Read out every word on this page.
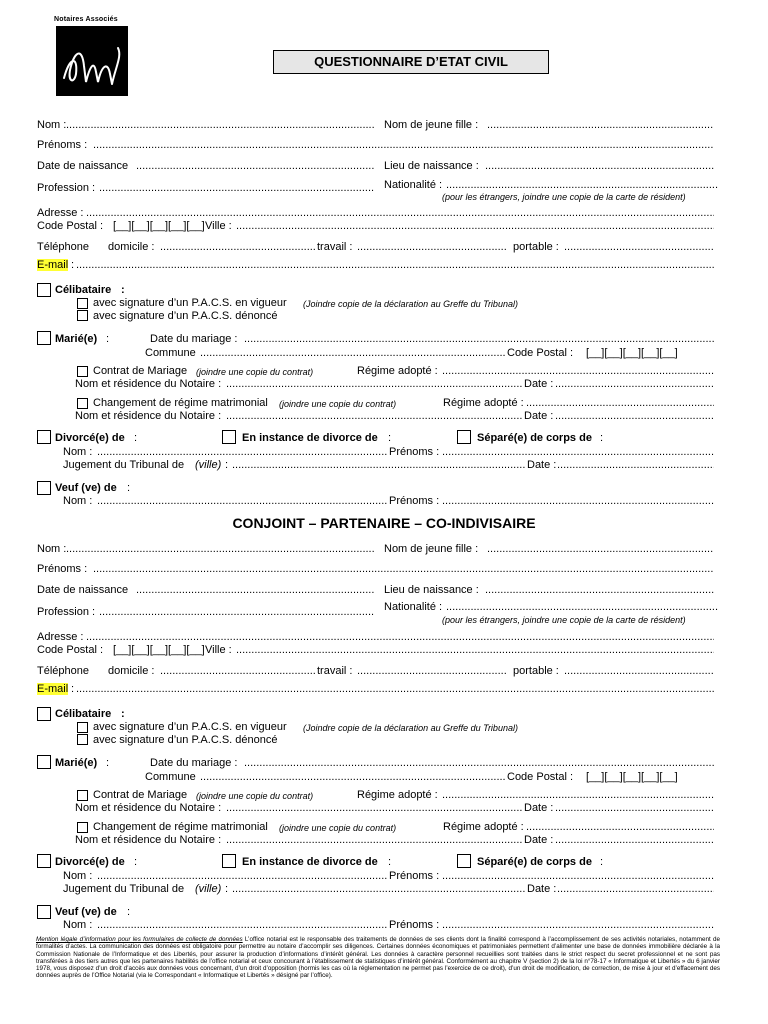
Notaires Associés
QUESTIONNAIRE D’ETAT CIVIL
Nom : .....	Nom de jeune fille :
.....
Prénoms :
.....
Date de naissance .....	Lieu de naissance :
.....
Profession : .....	Nationalité :
.....
(pour les étrangers, joindre une copie de la carte de résident)
Adresse :
.....
Code Postal : [__][__][__][__][__] Ville :
.....
Téléphone domicile : .....	travail : .....	portable :
.....
E-mail :
.....
Célibataire :
avec signature d’un P.A.C.S. en vigueur (Joindre copie de la déclaration au Greffe du Tribunal)
avec signature d’un P.A.C.S. dénoncé
Marié(e) :	Date du mariage :
.....
Commune .....	Code Postal : [__][__][__][__][__]
Contrat de Mariage (joindre une copie du contrat)	Régime adopté :
.....
Nom et résidence du Notaire : .....	Date :
.....
Changement de régime matrimonial (joindre une copie du contrat)	Régime adopté :
.....
Nom et résidence du Notaire : .....	Date :
.....
Divorcé(e) de :	En instance de divorce de :	Séparé(e) de corps de :
Nom : .....	Prénoms :
.....
Jugement du Tribunal de (ville) : .....	Date :
.....
Veuf (ve) de :
Nom : .....	Prénoms :
.....
CONJOINT – PARTENAIRE – CO-INDIVISAIRE
Nom : .....	Nom de jeune fille :
.....
Prénoms :
.....
Date de naissance .....	Lieu de naissance :
.....
Profession : .....	Nationalité :
.....
(pour les étrangers, joindre une copie de la carte de résident)
Adresse :
.....
Code Postal : [__][__][__][__][__] Ville :
.....
Téléphone domicile : .....	travail : .....	portable :
.....
E-mail :
.....
Célibataire :
avec signature d’un P.A.C.S. en vigueur (Joindre copie de la déclaration au Greffe du Tribunal)
avec signature d’un P.A.C.S. dénoncé
Marié(e) :	Date du mariage :
.....
Commune .....	Code Postal : [__][__][__][__][__]
Contrat de Mariage (joindre une copie du contrat)	Régime adopté :
.....
Nom et résidence du Notaire : .....	Date :
.....
Changement de régime matrimonial (joindre une copie du contrat)	Régime adopté :
.....
Nom et résidence du Notaire : .....	Date :
.....
Divorcé(e) de :	En instance de divorce de :	Séparé(e) de corps de :
Nom : .....	Prénoms :
.....
Jugement du Tribunal de (ville) : .....	Date :
.....
Veuf (ve) de :
Nom : .....	Prénoms :
.....
Mention légale d’information pour les formulaires de collecte de données L’office notarial est le responsable des traitements de données de ses clients dont la finalité correspond à l’accomplissement de ses activités notariales, notamment de formalités d’actes. La communication des données est obligatoire pour permettre au notaire d’accomplir ses diligences. Certaines données économiques et patrimoniales permettent d’alimenter une base de données immobilière déclarée à la Commission Nationale de l’Informatique et des Libertés, pour assurer la production d’informations d’intérêt général. Les données à caractère personnel recueillies sont traitées dans le strict respect du secret professionnel et ne sont pas transférées à des tiers autres que les partenaires habilités de l’office notarial et ceux concourant à l’établissement de statistiques d’intérêt général. Conformément au chapitre V (section 2) de la loi n°78-17 « Informatique et Libertés » du 6 janvier 1978, vous disposez d’un droit d’accès aux données vous concernant, d’un droit d’opposition (hormis les cas où la réglementation ne permet pas l’exercice de ce droit), d’un droit de modification, de correction, de mise à jour et d’effacement des données auprès de l’Office Notarial (via le Correspondant « Informatique et Libertés » désigné par l’office).
